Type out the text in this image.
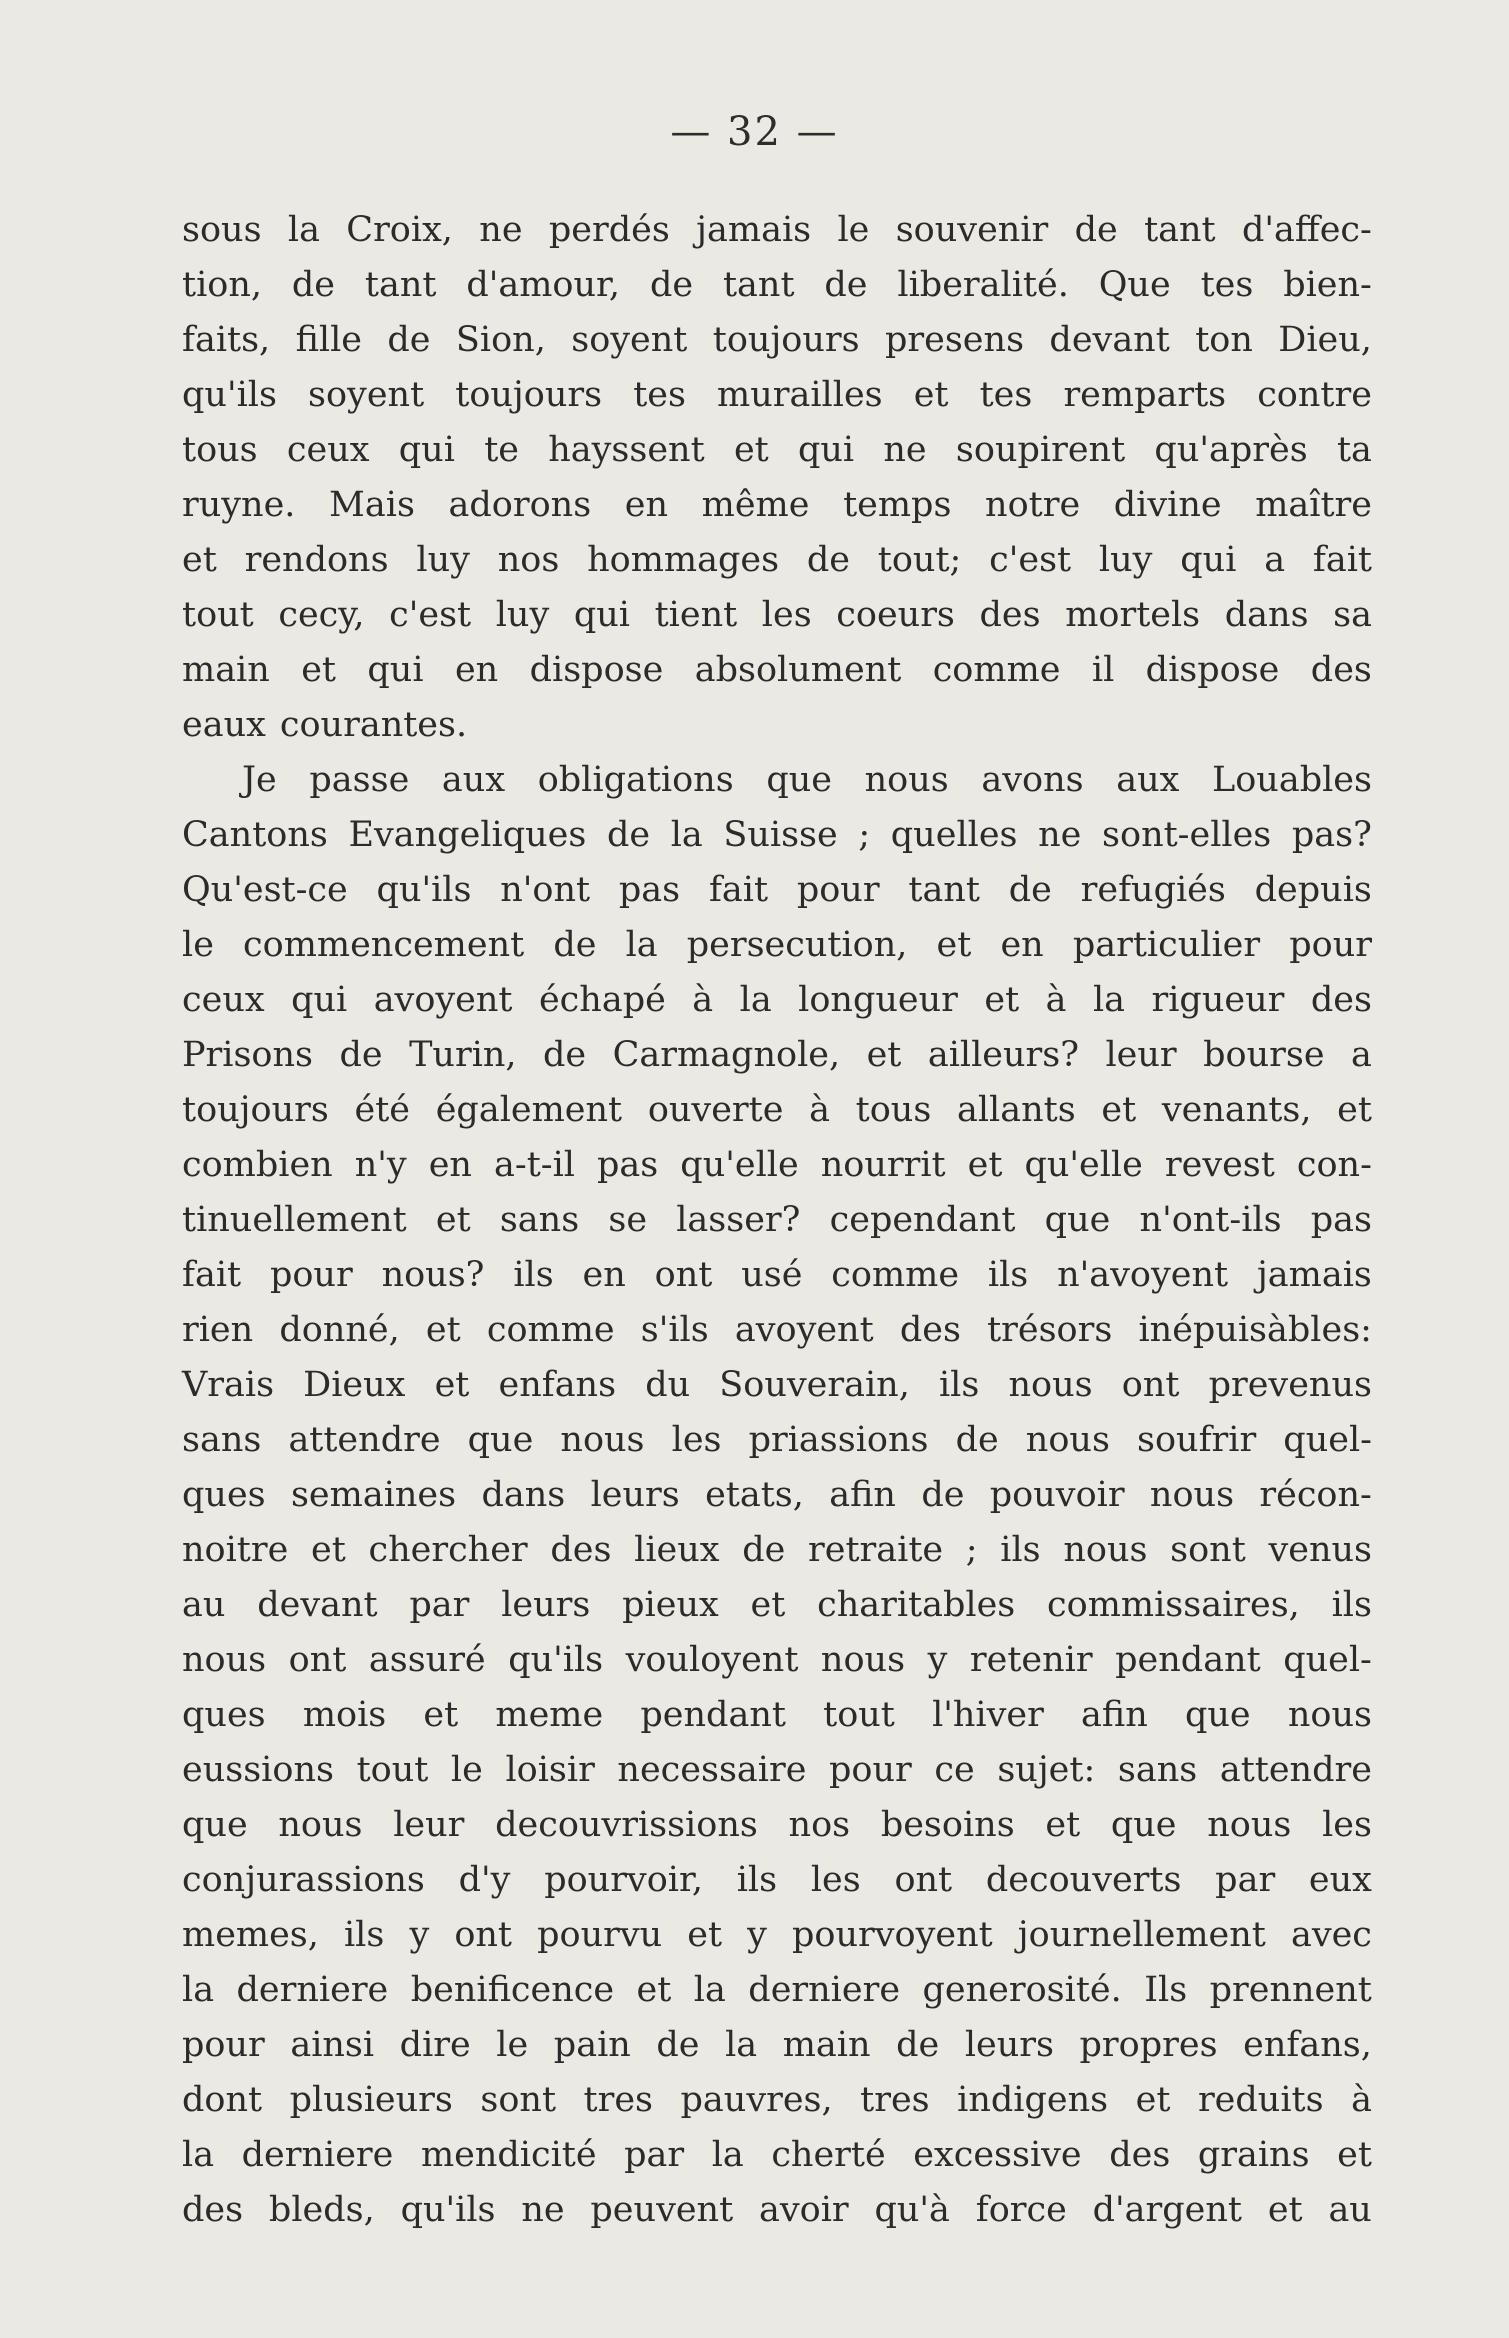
— 32 —
sous la Croix, ne perdés jamais le souvenir de tant d'affec-
tion, de tant d'amour, de tant de liberalité. Que tes bien-
faits, fille de Sion, soyent toujours presens devant ton Dieu,
qu'ils soyent toujours tes murailles et tes remparts contre
tous ceux qui te hayssent et qui ne soupirent qu'après ta
ruyne. Mais adorons en même temps notre divine maître
et rendons luy nos hommages de tout; c'est luy qui a fait
tout cecy, c'est luy qui tient les coeurs des mortels dans sa
main et qui en dispose absolument comme il dispose des
eaux courantes.
Je passe aux obligations que nous avons aux Louables
Cantons Evangeliques de la Suisse ; quelles ne sont-elles pas?
Qu'est-ce qu'ils n'ont pas fait pour tant de refugiés depuis
le commencement de la persecution, et en particulier pour
ceux qui avoyent échapé à la longueur et à la rigueur des
Prisons de Turin, de Carmagnole, et ailleurs? leur bourse a
toujours été également ouverte à tous allants et venants, et
combien n'y en a-t-il pas qu'elle nourrit et qu'elle revest con-
tinuellement et sans se lasser? cependant que n'ont-ils pas
fait pour nous? ils en ont usé comme ils n'avoyent jamais
rien donné, et comme s'ils avoyent des trésors inépuisàbles:
Vrais Dieux et enfans du Souverain, ils nous ont prevenus
sans attendre que nous les priassions de nous soufrir quel-
ques semaines dans leurs etats, afin de pouvoir nous récon-
noitre et chercher des lieux de retraite ; ils nous sont venus
au devant par leurs pieux et charitables commissaires, ils
nous ont assuré qu'ils vouloyent nous y retenir pendant quel-
ques mois et meme pendant tout l'hiver afin que nous
eussions tout le loisir necessaire pour ce sujet: sans attendre
que nous leur decouvrissions nos besoins et que nous les
conjurassions d'y pourvoir, ils les ont decouverts par eux
memes, ils y ont pourvu et y pourvoyent journellement avec
la derniere benificence et la derniere generosité. Ils prennent
pour ainsi dire le pain de la main de leurs propres enfans,
dont plusieurs sont tres pauvres, tres indigens et reduits à
la derniere mendicité par la cherté excessive des grains et
des bleds, qu'ils ne peuvent avoir qu'à force d'argent et au
